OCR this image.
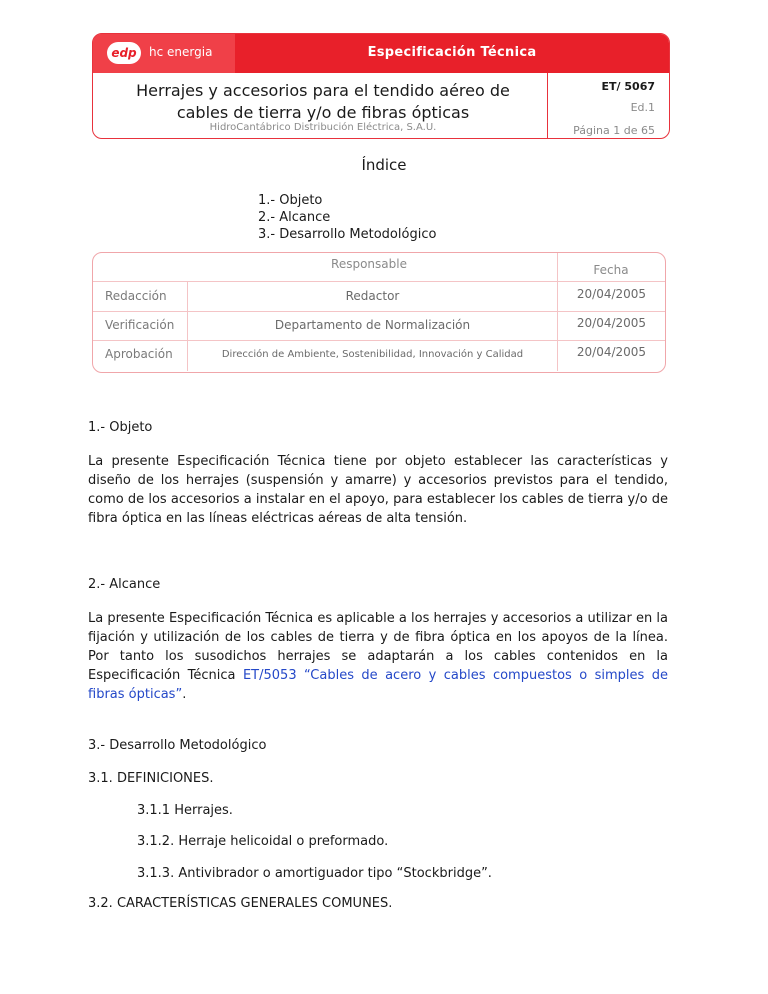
edp	hc energia	Especificación Técnica
Herrajes y accesorios para el tendido aéreo de
cables de tierra y/o de fibras ópticas
HidroCantábrico Distribución Eléctrica, S.A.U.
ET/ 5067
Ed.1
Página 1 de 65
Índice
1.- Objeto
2.- Alcance
3.- Desarrollo Metodológico
Responsable	Fecha
Redacción	Redactor	20/04/2005
Verificación	Departamento de Normalización	20/04/2005
Aprobación	Dirección de Ambiente, Sostenibilidad, Innovación y Calidad	20/04/2005
1.- Objeto
La presente Especificación Técnica tiene por objeto establecer las características y diseño de los herrajes (suspensión y amarre) y accesorios previstos para el tendido, como de los accesorios a instalar en el apoyo, para establecer los cables de tierra y/o de fibra óptica en las líneas eléctricas aéreas de alta tensión.
2.- Alcance
La presente Especificación Técnica es aplicable a los herrajes y accesorios a utilizar en la fijación y utilización de los cables de tierra y de fibra óptica en los apoyos de la línea. Por tanto los susodichos herrajes se adaptarán a los cables contenidos en la Especificación Técnica ET/5053 “Cables de acero y cables compuestos o simples de fibras ópticas”.
3.- Desarrollo Metodológico
3.1. DEFINICIONES.
3.1.1 Herrajes.
3.1.2. Herraje helicoidal o preformado.
3.1.3. Antivibrador o amortiguador tipo “Stockbridge”.
3.2. CARACTERÍSTICAS GENERALES COMUNES.
